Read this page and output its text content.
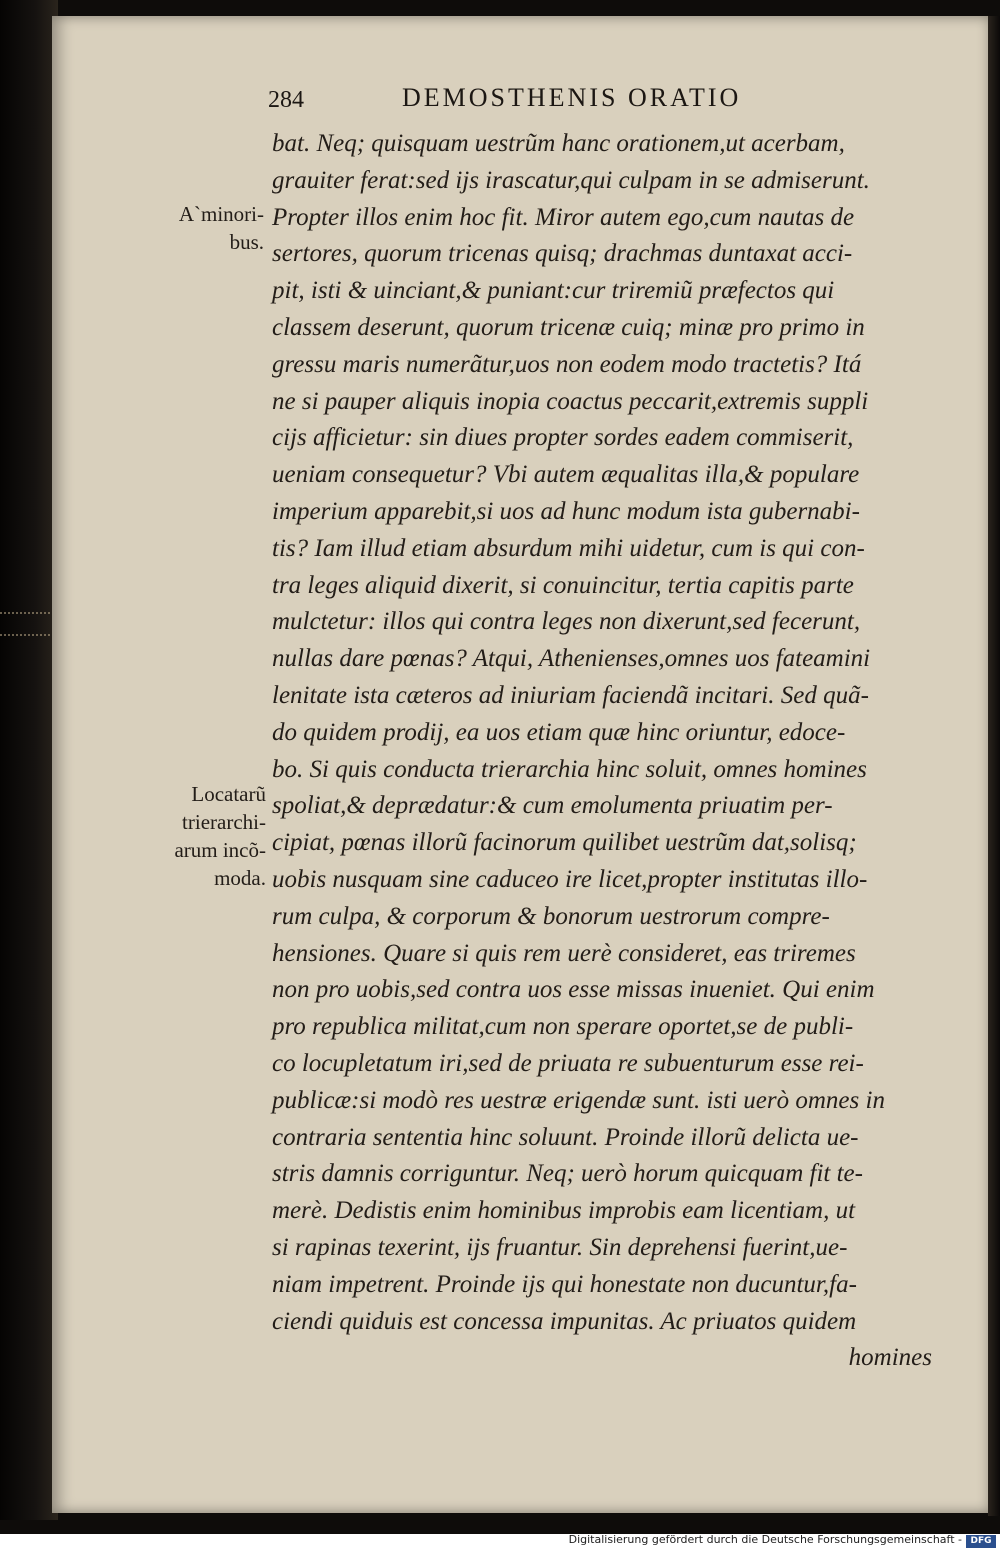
284	DEMOSTHENIS ORATIO
A`minori-
bus.
Locatarũ
trierarchi-
arum incõ-
moda.
bat. Neq; quisquam uestrũm hanc orationem,ut acerbam,
grauiter ferat:sed ijs irascatur,qui culpam in se admiserunt.
Propter illos enim hoc fit. Miror autem ego,cum nautas de
sertores, quorum tricenas quisq; drachmas duntaxat acci-
pit, isti & uinciant,& puniant:cur triremiũ præfectos qui
classem deserunt, quorum tricenæ cuiq; minæ pro primo in
gressu maris numerãtur,uos non eodem modo tractetis? Itá
ne si pauper aliquis inopia coactus peccarit,extremis suppli
cijs afficietur: sin diues propter sordes eadem commiserit,
ueniam consequetur? Vbi autem æqualitas illa,& populare
imperium apparebit,si uos ad hunc modum ista gubernabi-
tis? Iam illud etiam absurdum mihi uidetur, cum is qui con-
tra leges aliquid dixerit, si conuincitur, tertia capitis parte
mulctetur: illos qui contra leges non dixerunt,sed fecerunt,
nullas dare pœnas? Atqui, Athenienses,omnes uos fateamini
lenitate ista cæteros ad iniuriam faciendã incitari. Sed quã-
do quidem prodij, ea uos etiam quæ hinc oriuntur, edoce-
bo. Si quis conducta trierarchia hinc soluit, omnes homines
spoliat,& deprædatur:& cum emolumenta priuatim per-
cipiat, pœnas illorũ facinorum quilibet uestrũm dat,solisq;
uobis nusquam sine caduceo ire licet,propter institutas illo-
rum culpa, & corporum & bonorum uestrorum compre-
hensiones. Quare si quis rem uerè consideret, eas triremes
non pro uobis,sed contra uos esse missas inueniet. Qui enim
pro republica militat,cum non sperare oportet,se de publi-
co locupletatum iri,sed de priuata re subuenturum esse rei-
publicæ:si modò res uestræ erigendæ sunt. isti uerò omnes in
contraria sententia hinc soluunt. Proinde illorũ delicta ue-
stris damnis corriguntur. Neq; uerò horum quicquam fit te-
merè. Dedistis enim hominibus improbis eam licentiam, ut
si rapinas texerint, ijs fruantur. Sin deprehensi fuerint,ue-
niam impetrent. Proinde ijs qui honestate non ducuntur,fa-
ciendi quiduis est concessa impunitas. Ac priuatos quidem
homines
Digitalisierung gefördert durch die Deutsche Forschungsgemeinschaft - DFG
